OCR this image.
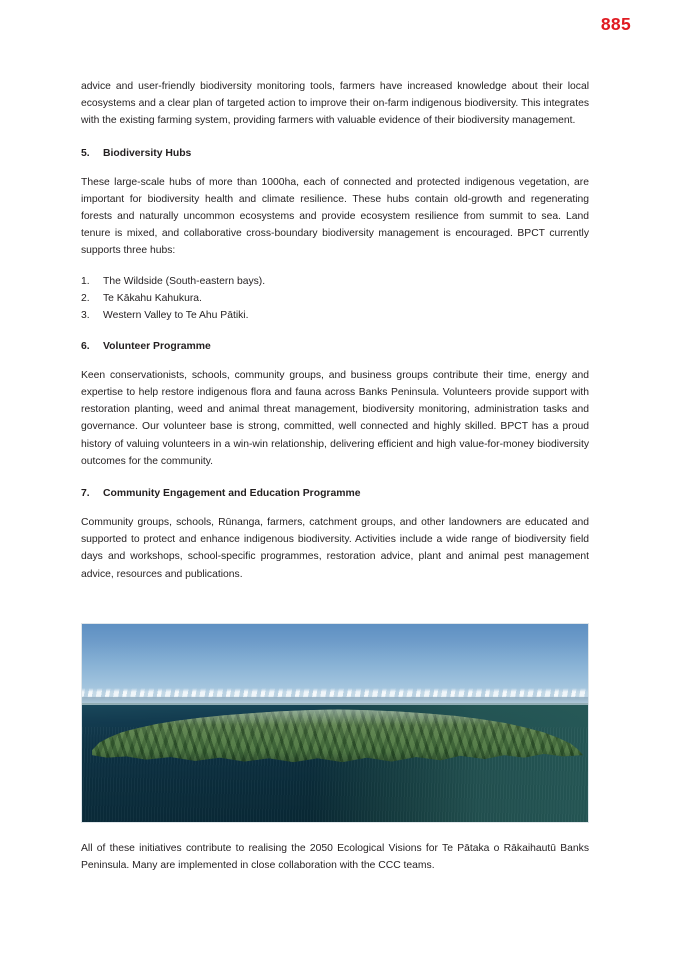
885

advice and user-friendly biodiversity monitoring tools, farmers have increased knowledge about their local ecosystems and a clear plan of targeted action to improve their on-farm indigenous biodiversity. This integrates with the existing farming system, providing farmers with valuable evidence of their biodiversity management.

5.	Biodiversity Hubs

These large-scale hubs of more than 1000ha, each of connected and protected indigenous vegetation, are important for biodiversity health and climate resilience. These hubs contain old-growth and regenerating forests and naturally uncommon ecosystems and provide ecosystem resilience from summit to sea. Land tenure is mixed, and collaborative cross-boundary biodiversity management is encouraged. BPCT currently supports three hubs:

1.	The Wildside (South-eastern bays).
2.	Te Kākahu Kahukura.
3.	Western Valley to Te Ahu Pātiki.
6.	Volunteer Programme

Keen conservationists, schools, community groups, and business groups contribute their time, energy and expertise to help restore indigenous flora and fauna across Banks Peninsula. Volunteers provide support with restoration planting, weed and animal threat management, biodiversity monitoring, administration tasks and governance. Our volunteer base is strong, committed, well connected and highly skilled. BPCT has a proud history of valuing volunteers in a win-win relationship, delivering efficient and high value-for-money biodiversity outcomes for the community.

7.	Community Engagement and Education Programme

Community groups, schools, Rūnanga, farmers, catchment groups, and other landowners are educated and supported to protect and enhance indigenous biodiversity. Activities include a wide range of biodiversity field days and workshops, school-specific programmes, restoration advice, plant and animal pest management advice, resources and publications.

All of these initiatives contribute to realising the 2050 Ecological Visions for Te Pātaka o Rākaihautū Banks Peninsula. Many are implemented in close collaboration with the CCC teams.
